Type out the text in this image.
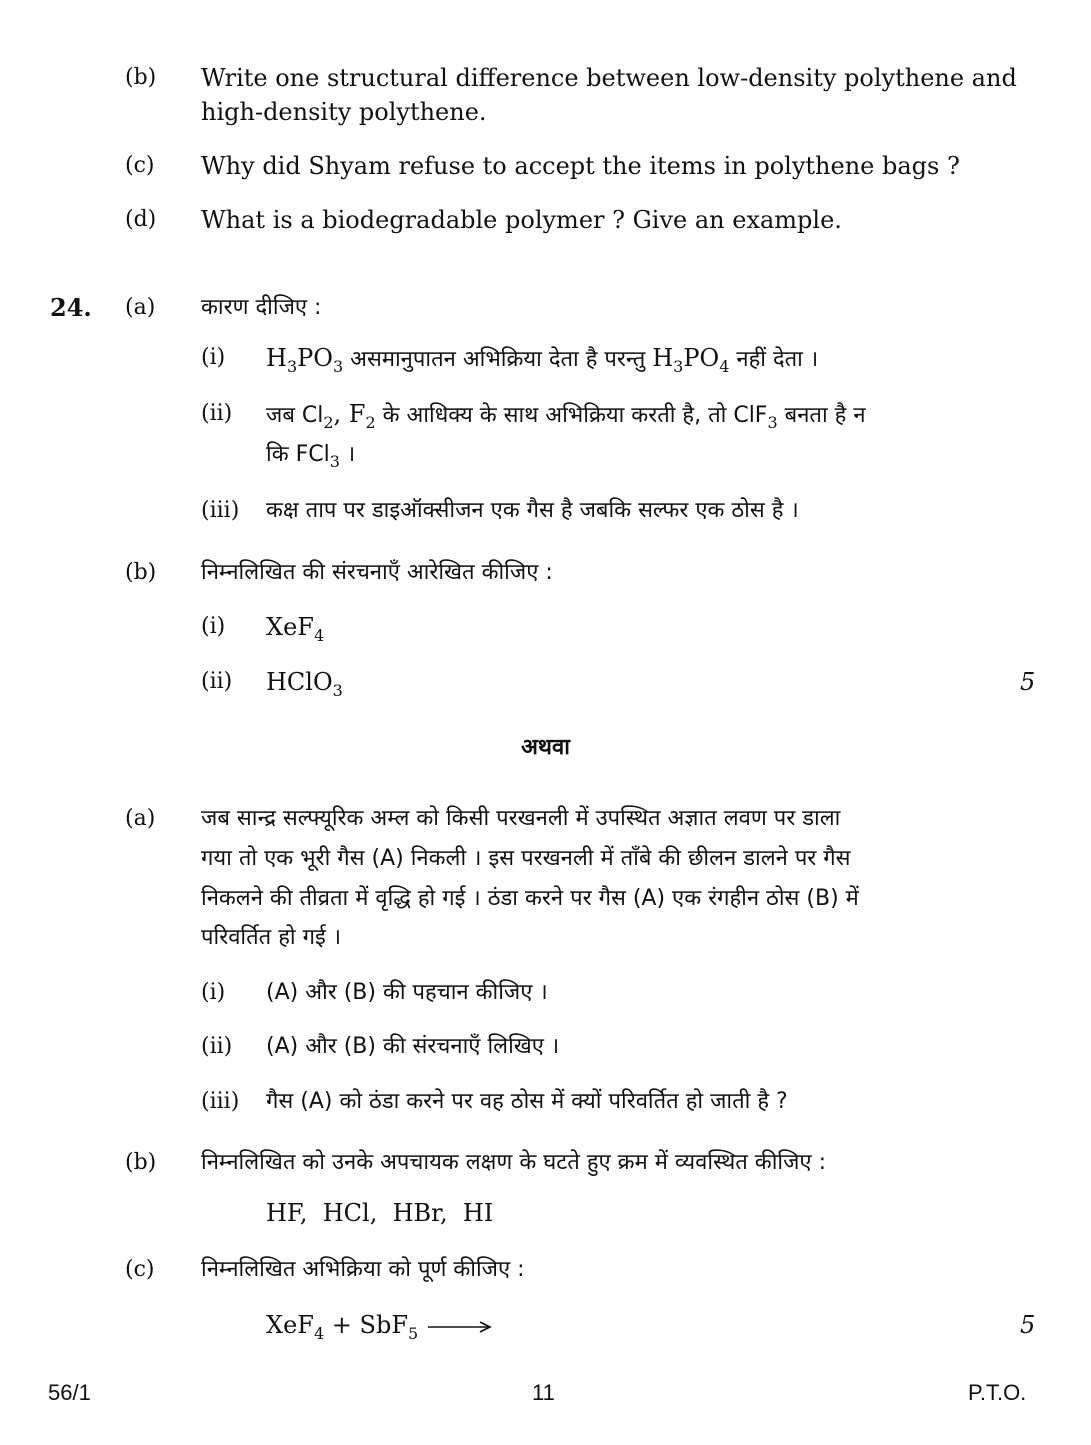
(b) Write one structural difference between low-density polythene and
high-density polythene.
(c) Why did Shyam refuse to accept the items in polythene bags ?
(d) What is a biodegradable polymer ? Give an example.
24. (a) कारण दीजिए :
(i) $H_3PO_3$ असमानुपातन अभिक्रिया देता है परन्तु $H_3PO_4$ नहीं देता ।
(ii) जब $Cl_2$, $F_2$ के आधिक्य के साथ अभिक्रिया करती है, तो ClF$_3$ बनता है न
कि FCl$_3$ ।
(iii) कक्ष ताप पर डाइऑक्सीजन एक गैस है जबकि सल्फर एक ठोस है ।
(b) निम्नलिखित की संरचनाएँ आरेखित कीजिए :
(i) XeF$_4$
(ii) HClO$_3$	5
अथवा
(a) जब सान्द्र सल्फ्यूरिक अम्ल को किसी परखनली में उपस्थित अज्ञात लवण पर डाला
गया तो एक भूरी गैस (A) निकली । इस परखनली में ताँबे की छीलन डालने पर गैस
निकलने की तीव्रता में वृद्धि हो गई । ठंडा करने पर गैस (A) एक रंगहीन ठोस (B) में
परिवर्तित हो गई ।
(i) (A) और (B) की पहचान कीजिए ।
(ii) (A) और (B) की संरचनाएँ लिखिए ।
(iii) गैस (A) को ठंडा करने पर वह ठोस में क्यों परिवर्तित हो जाती है ?
(b) निम्नलिखित को उनके अपचायक लक्षण के घटते हुए क्रम में व्यवस्थित कीजिए :
HF,  HCl,  HBr,  HI
(c) निम्नलिखित अभिक्रिया को पूर्ण कीजिए :
XeF$_4$ + SbF$_5$ →	5
56/1	11	P.T.O.
